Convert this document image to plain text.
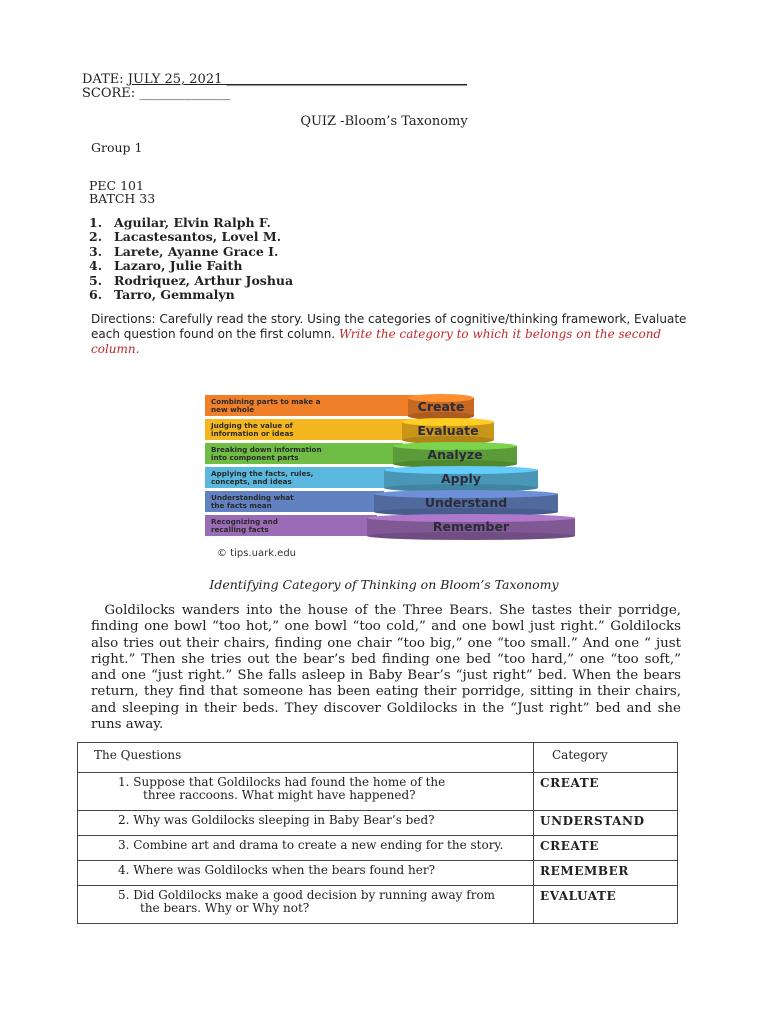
DATE: JULY 25, 2021 _____________________________________
SCORE: ______________
QUIZ -Bloom’s Taxonomy
Group 1
PEC 101
BATCH 33
1. Aguilar, Elvin Ralph F.
2. Lacastesantos, Lovel M.
3. Larete, Ayanne Grace I.
4. Lazaro, Julie Faith
5. Rodriquez, Arthur Joshua
6. Tarro, Gemmalyn
Directions: Carefully read the story. Using the categories of cognitive/thinking framework, Evaluate each question found on the first column. Write the category to which it belongs on the second column.
Combining parts to make a
new whole	Create
Judging the value of
information or ideas	Evaluate
Breaking down information
into component parts	Analyze
Applying the facts, rules,
concepts, and ideas	Apply
Understanding what
the facts mean	Understand
Recognizing and
recalling facts	Remember
© tips.uark.edu
Identifying Category of Thinking on Bloom’s Taxonomy
Goldilocks wanders into the house of the Three Bears. She tastes their porridge, finding one bowl “too hot,” one bowl “too cold,” and one bowl just right.” Goldilocks also tries out their chairs, finding one chair “too big,” one “too small.” And one “ just right.” Then she tries out the bear’s bed finding one bed “too hard,” one “too soft,” and one “just right.” She falls asleep in Baby Bear’s “just right” bed. When the bears return, they find that someone has been eating their porridge, sitting in their chairs, and sleeping in their beds. They discover Goldilocks in the “Just right” bed and she runs away.
The Questions	Category

1. Suppose that Goldilocks had found the home of the
three raccoons. What might have happened?	CREATE

2. Why was Goldilocks sleeping in Baby Bear’s bed?	UNDERSTAND

3. Combine art and drama to create a new ending for the story.	CREATE

4. Where was Goldilocks when the bears found her?	REMEMBER

5. Did Goldilocks make a good decision by running away from
the bears. Why or Why not?	EVALUATE
